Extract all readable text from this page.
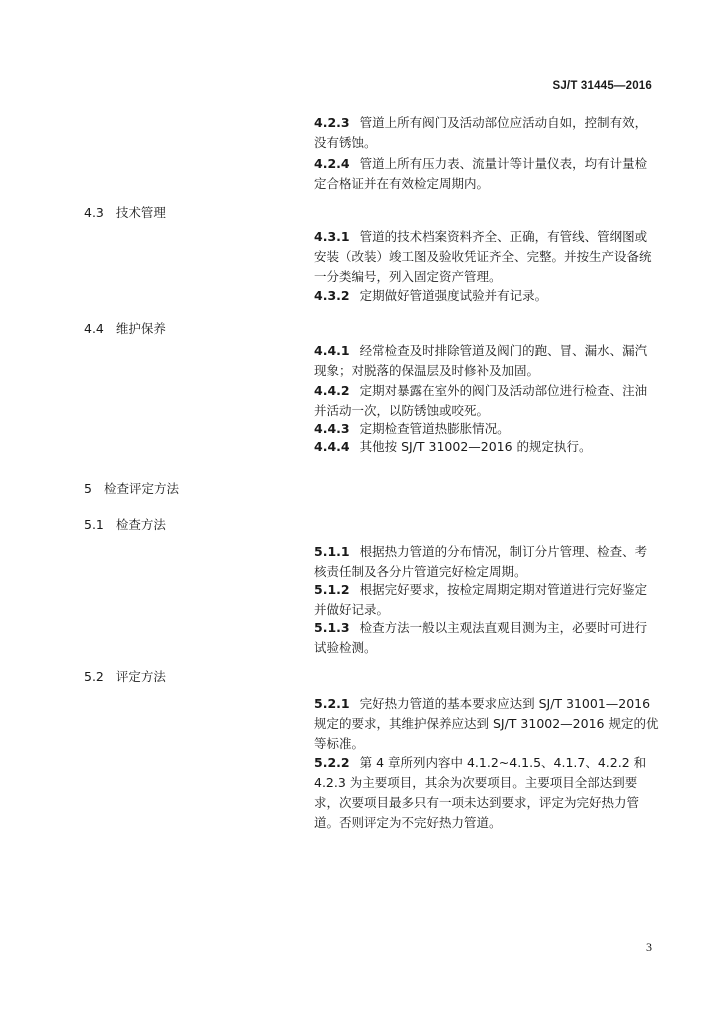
SJ/T 31445—2016
4.2.3 管道上所有阀门及活动部位应活动自如，控制有效，没有锈蚀。
4.2.4 管道上所有压力表、流量计等计量仪表，均有计量检定合格证并在有效检定周期内。
4.3 技术管理
4.3.1 管道的技术档案资料齐全、正确，有管线、管纲图或安装（改装）竣工图及验收凭证齐全、完整。并按生产设备统一分类编号，列入固定资产管理。
4.3.2 定期做好管道强度试验并有记录。
4.4 维护保养
4.4.1 经常检查及时排除管道及阀门的跑、冒、漏水、漏汽现象；对脱落的保温层及时修补及加固。
4.4.2 定期对暴露在室外的阀门及活动部位进行检查、注油并活动一次，以防锈蚀或咬死。
4.4.3 定期检查管道热膨胀情况。
4.4.4 其他按 SJ/T 31002—2016 的规定执行。
5 检查评定方法
5.1 检查方法
5.1.1 根据热力管道的分布情况，制订分片管理、检查、考核责任制及各分片管道完好检定周期。
5.1.2 根据完好要求，按检定周期定期对管道进行完好鉴定并做好记录。
5.1.3 检查方法一般以主观法直观目测为主，必要时可进行试验检测。
5.2 评定方法
5.2.1 完好热力管道的基本要求应达到 SJ/T 31001—2016 规定的要求，其维护保养应达到 SJ/T 31002—2016 规定的优等标准。
5.2.2 第 4 章所列内容中 4.1.2~4.1.5、4.1.7、4.2.2 和 4.2.3 为主要项目，其余为次要项目。主要项目全部达到要求，次要项目最多只有一项未达到要求，评定为完好热力管道。否则评定为不完好热力管道。
3
